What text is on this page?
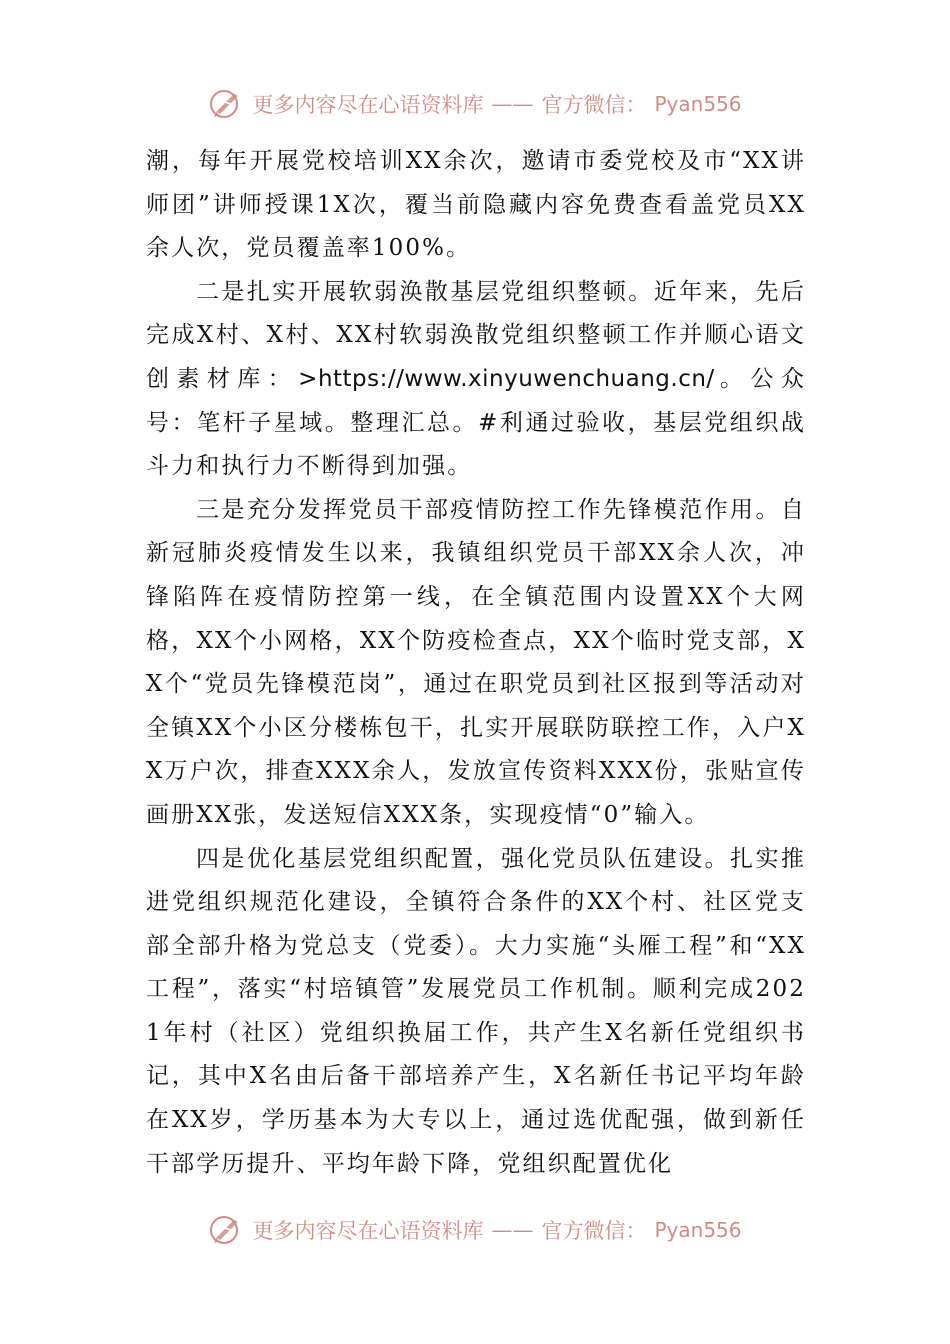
更多内容尽在心语资料库 —— 官方微信： Pyan556

潮，每年开展党校培训XX余次，邀请市委党校及市“XX讲师团”讲师授课1X次，覆当前隐藏内容免费查看盖党员XX余人次，党员覆盖率100%。

二是扎实开展软弱涣散基层党组织整顿。近年来，先后完成X村、X村、XX村软弱涣散党组织整顿工作并顺心语文创素材库：>https://www.xinyuwenchuang.cn/。公众号：笔杆子星域。整理汇总。#利通过验收，基层党组织战斗力和执行力不断得到加强。

三是充分发挥党员干部疫情防控工作先锋模范作用。自新冠肺炎疫情发生以来，我镇组织党员干部XX余人次，冲锋陷阵在疫情防控第一线，在全镇范围内设置XX个大网格，XX个小网格，XX个防疫检查点，XX个临时党支部，XX个“党员先锋模范岗”，通过在职党员到社区报到等活动对全镇XX个小区分楼栋包干，扎实开展联防联控工作，入户XX万户次，排查XXX余人，发放宣传资料XXX份，张贴宣传画册XX张，发送短信XXX条，实现疫情“0”输入。

四是优化基层党组织配置，强化党员队伍建设。扎实推进党组织规范化建设，全镇符合条件的XX个村、社区党支部全部升格为党总支（党委）。大力实施“头雁工程”和“XX工程”，落实“村培镇管”发展党员工作机制。顺利完成2021年村（社区）党组织换届工作，共产生X名新任党组织书记，其中X名由后备干部培养产生，X名新任书记平均年龄在XX岁，学历基本为大专以上，通过选优配强，做到新任干部学历提升、平均年龄下降，党组织配置优化

更多内容尽在心语资料库 —— 官方微信： Pyan556
